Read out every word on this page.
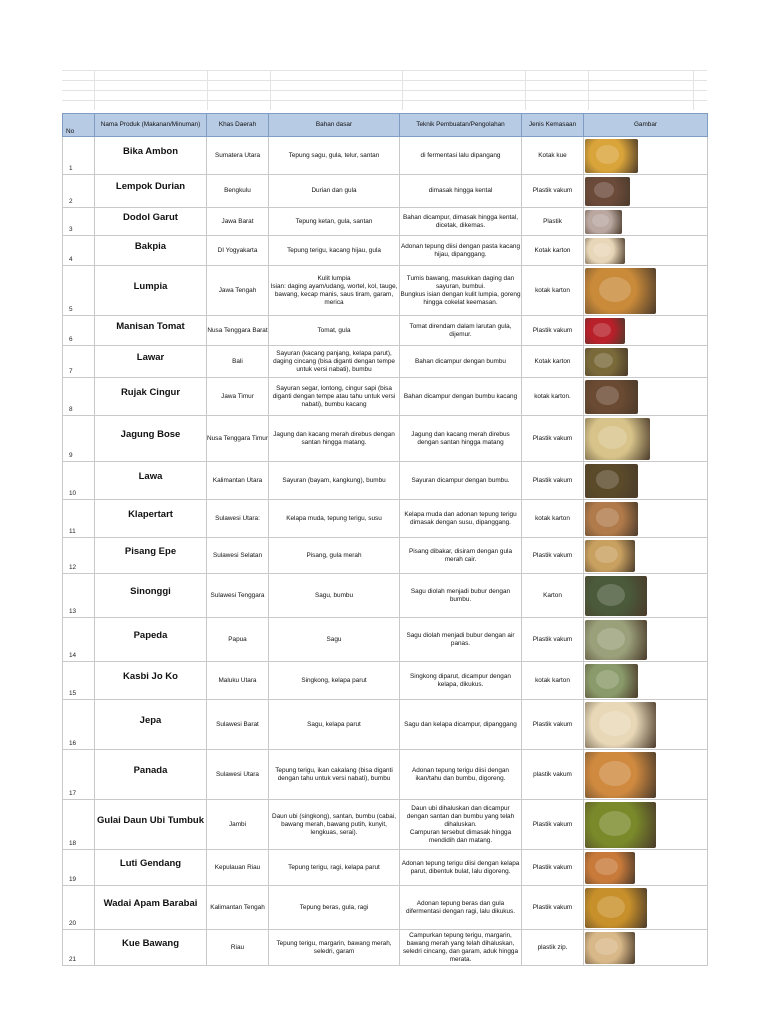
No	Nama Produk (Makanan/Minuman)	Khas Daerah	Bahan dasar	Teknik Pembuatan/Pengolahan	Jenis Kemasaan	Gambar
1	Bika Ambon	Sumatera Utara	Tepung sagu, gula, telur, santan	di fermentasi lalu dipangang	Kotak kue	

2	Lempok Durian	Bengkulu	Durian dan gula	dimasak hingga kental	Plastik vakum	

3	Dodol Garut	Jawa Barat	Tepung ketan, gula, santan	Bahan dicampur, dimasak hingga kental, dicetak, dikemas.	Plastik	

4	Bakpia	DI Yogyakarta	Tepung terigu, kacang hijau, gula	Adonan tepung diisi dengan pasta kacang hijau, dipanggang.	Kotak karton	

5	Lumpia	Jawa Tengah	Kulit lumpia
Isian: daging ayam/udang, wortel, kol, tauge, bawang, kecap manis, saus tiram, garam, merica	Tumis bawang, masukkan daging dan sayuran, bumbui.
Bungkus isian dengan kulit lumpia, goreng hingga cokelat keemasan.	kotak karton	

6	Manisan Tomat	Nusa Tenggara Barat	Tomat, gula	Tomat direndam dalam larutan gula, dijemur.	Plastik vakum	

7	Lawar	Bali	Sayuran (kacang panjang, kelapa parut), daging cincang (bisa diganti dengan tempe untuk versi nabati), bumbu	Bahan dicampur dengan bumbu	Kotak karton	

8	Rujak Cingur	Jawa Timur	Sayuran segar, lontong, cingur sapi (bisa diganti dengan tempe atau tahu untuk versi nabati), bumbu kacang	Bahan dicampur dengan bumbu kacang	kotak karton.	

9	Jagung Bose	Nusa Tenggara Timur	Jagung dan kacang merah direbus dengan santan hingga matang.	Jagung dan kacang merah direbus dengan santan hingga matang	Plastik vakum	

10	Lawa	Kalimantan Utara	Sayuran (bayam, kangkung), bumbu	Sayuran dicampur dengan bumbu.	Plastik vakum	

11	Klapertart	Sulawesi Utara:	Kelapa muda, tepung terigu, susu	Kelapa muda dan adonan tepung terigu dimasak dengan susu, dipanggang.	kotak karton	

12	Pisang Epe	Sulawesi Selatan	Pisang, gula merah	Pisang dibakar, disiram dengan gula merah cair.	Plastik vakum	

13	Sinonggi	Sulawesi Tenggara	Sagu, bumbu	Sagu diolah menjadi bubur dengan bumbu.	Karton	

14	Papeda	Papua	Sagu	Sagu diolah menjadi bubur dengan air panas.	Plastik vakum	

15	Kasbi Jo Ko	Maluku Utara	Singkong, kelapa parut	Singkong diparut, dicampur dengan kelapa, dikukus.	kotak karton	

16	Jepa	Sulawesi Barat	Sagu, kelapa parut	Sagu dan kelapa dicampur, dipanggang	Plastik vakum	

17	Panada	Sulawesi Utara	Tepung terigu, ikan cakalang (bisa diganti dengan tahu untuk versi nabati), bumbu	Adonan tepung terigu diisi dengan ikan/tahu dan bumbu, digoreng.	plastik vakum	

18	Gulai Daun Ubi Tumbuk	Jambi	Daun ubi (singkong), santan, bumbu (cabai, bawang merah, bawang putih, kunyit, lengkuas, serai).	Daun ubi dihaluskan dan dicampur dengan santan dan bumbu yang telah dihaluskan.
Campuran tersebut dimasak hingga mendidih dan matang.	Plastik vakum	

19	Luti Gendang	Kepulauan Riau	Tepung terigu, ragi, kelapa parut	Adonan tepung terigu diisi dengan kelapa parut, dibentuk bulat, lalu digoreng.	Plastik vakum	

20	Wadai Apam Barabai	Kalimantan Tengah	Tepung beras, gula, ragi	Adonan tepung beras dan gula difermentasi dengan ragi, lalu dikukus.	Plastik vakum	

21	Kue Bawang	Riau	Tepung terigu, margarin, bawang merah, seledri, garam	Campurkan tepung terigu, margarin, bawang merah yang telah dihaluskan, seledri cincang, dan garam, aduk hingga merata.	plastik zip.	
